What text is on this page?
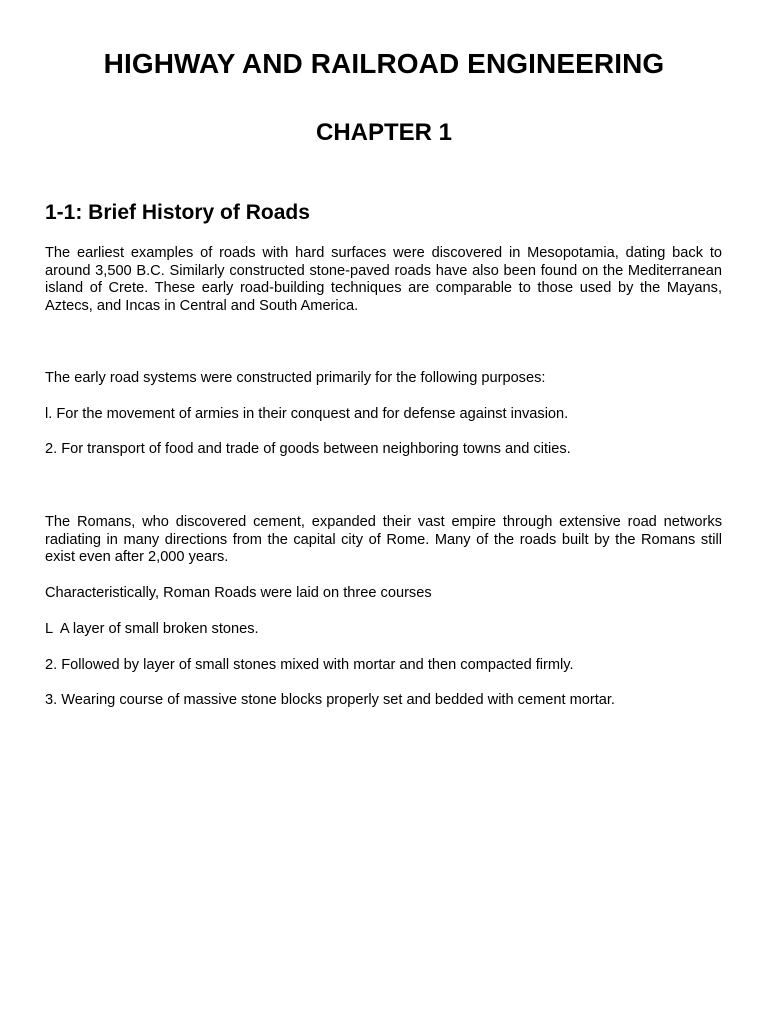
HIGHWAY AND RAILROAD ENGINEERING
CHAPTER 1
1-1: Brief History of Roads

The earliest examples of roads with hard surfaces were discovered in Mesopotamia, dating back to around 3,500 B.C. Similarly constructed stone-paved roads have also been found on the Mediterranean island of Crete. These early road-building techniques are comparable to those used by the Mayans, Aztecs, and Incas in Central and South America.

The early road systems were constructed primarily for the following purposes:

l. For the movement of armies in their conquest and for defense against invasion.

2. For transport of food and trade of goods between neighboring towns and cities.

The Romans, who discovered cement, expanded their vast empire through extensive road networks radiating in many directions from the capital city of Rome. Many of the roads built by the Romans still exist even after 2,000 years.

Characteristically, Roman Roads were laid on three courses

L  A layer of small broken stones.

2. Followed by layer of small stones mixed with mortar and then compacted firmly.

3. Wearing course of massive stone blocks properly set and bedded with cement mortar.
